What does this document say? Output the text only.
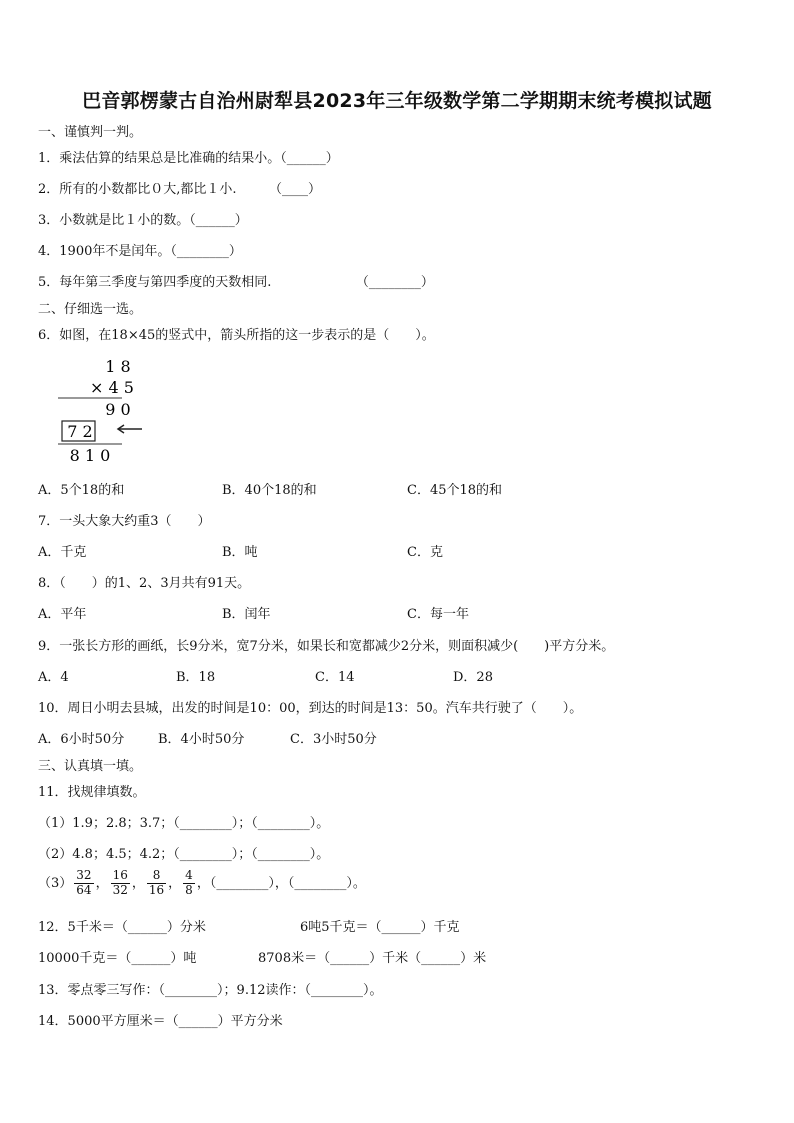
巴音郭楞蒙古自治州尉犁县2023年三年级数学第二学期期末统考模拟试题
一、谨慎判一判。
1．乘法估算的结果总是比准确的结果小。（______）
2．所有的小数都比０大,都比１小.　　　（____）
3．小数就是比１小的数。（______）
4．1900年不是闰年。（________）
5．每年第三季度与第四季度的天数相同.　　　　　　　（________）
二、仔细选一选。
6．如图，在18×45的竖式中，箭头所指的这一步表示的是（　　）。
1 8
× 4 5
9 0
7 2
8 1 0
A．5个18的和	B．40个18的和	C．45个18的和
7．一头大象大约重3（　　）
A．千克	B．吨	C．克
8．（　　）的1、2、3月共有91天。
A．平年	B．闰年	C．每一年
9．一张长方形的画纸，长9分米，宽7分米，如果长和宽都减少2分米，则面积减少(　　)平方分米。
A．4	B．18	C．14	D．28
10．周日小明去县城，出发的时间是10：00，到达的时间是13：50。汽车共行驶了（　　）。
A．6小时50分	B．4小时50分	C．3小时50分
三、认真填一填。
11．找规律填数。
（1）1.9；2.8；3.7；（________）；（________）。
（2）4.8；4.5；4.2；（________）；（________）。
$(3) \frac{32}{64}$ ， $\frac{16}{32}$ ， $\frac{8}{16}$ ， $\frac{4}{8}$ ，（________），（________）。
12．5千米＝（______）分米	6吨5千克＝（______）千克
10000千克＝（______）吨	8708米＝（______）千米（______）米
13．零点零三写作：（________）；9.12读作：（________）。
14．5000平方厘米＝（______）平方分米
